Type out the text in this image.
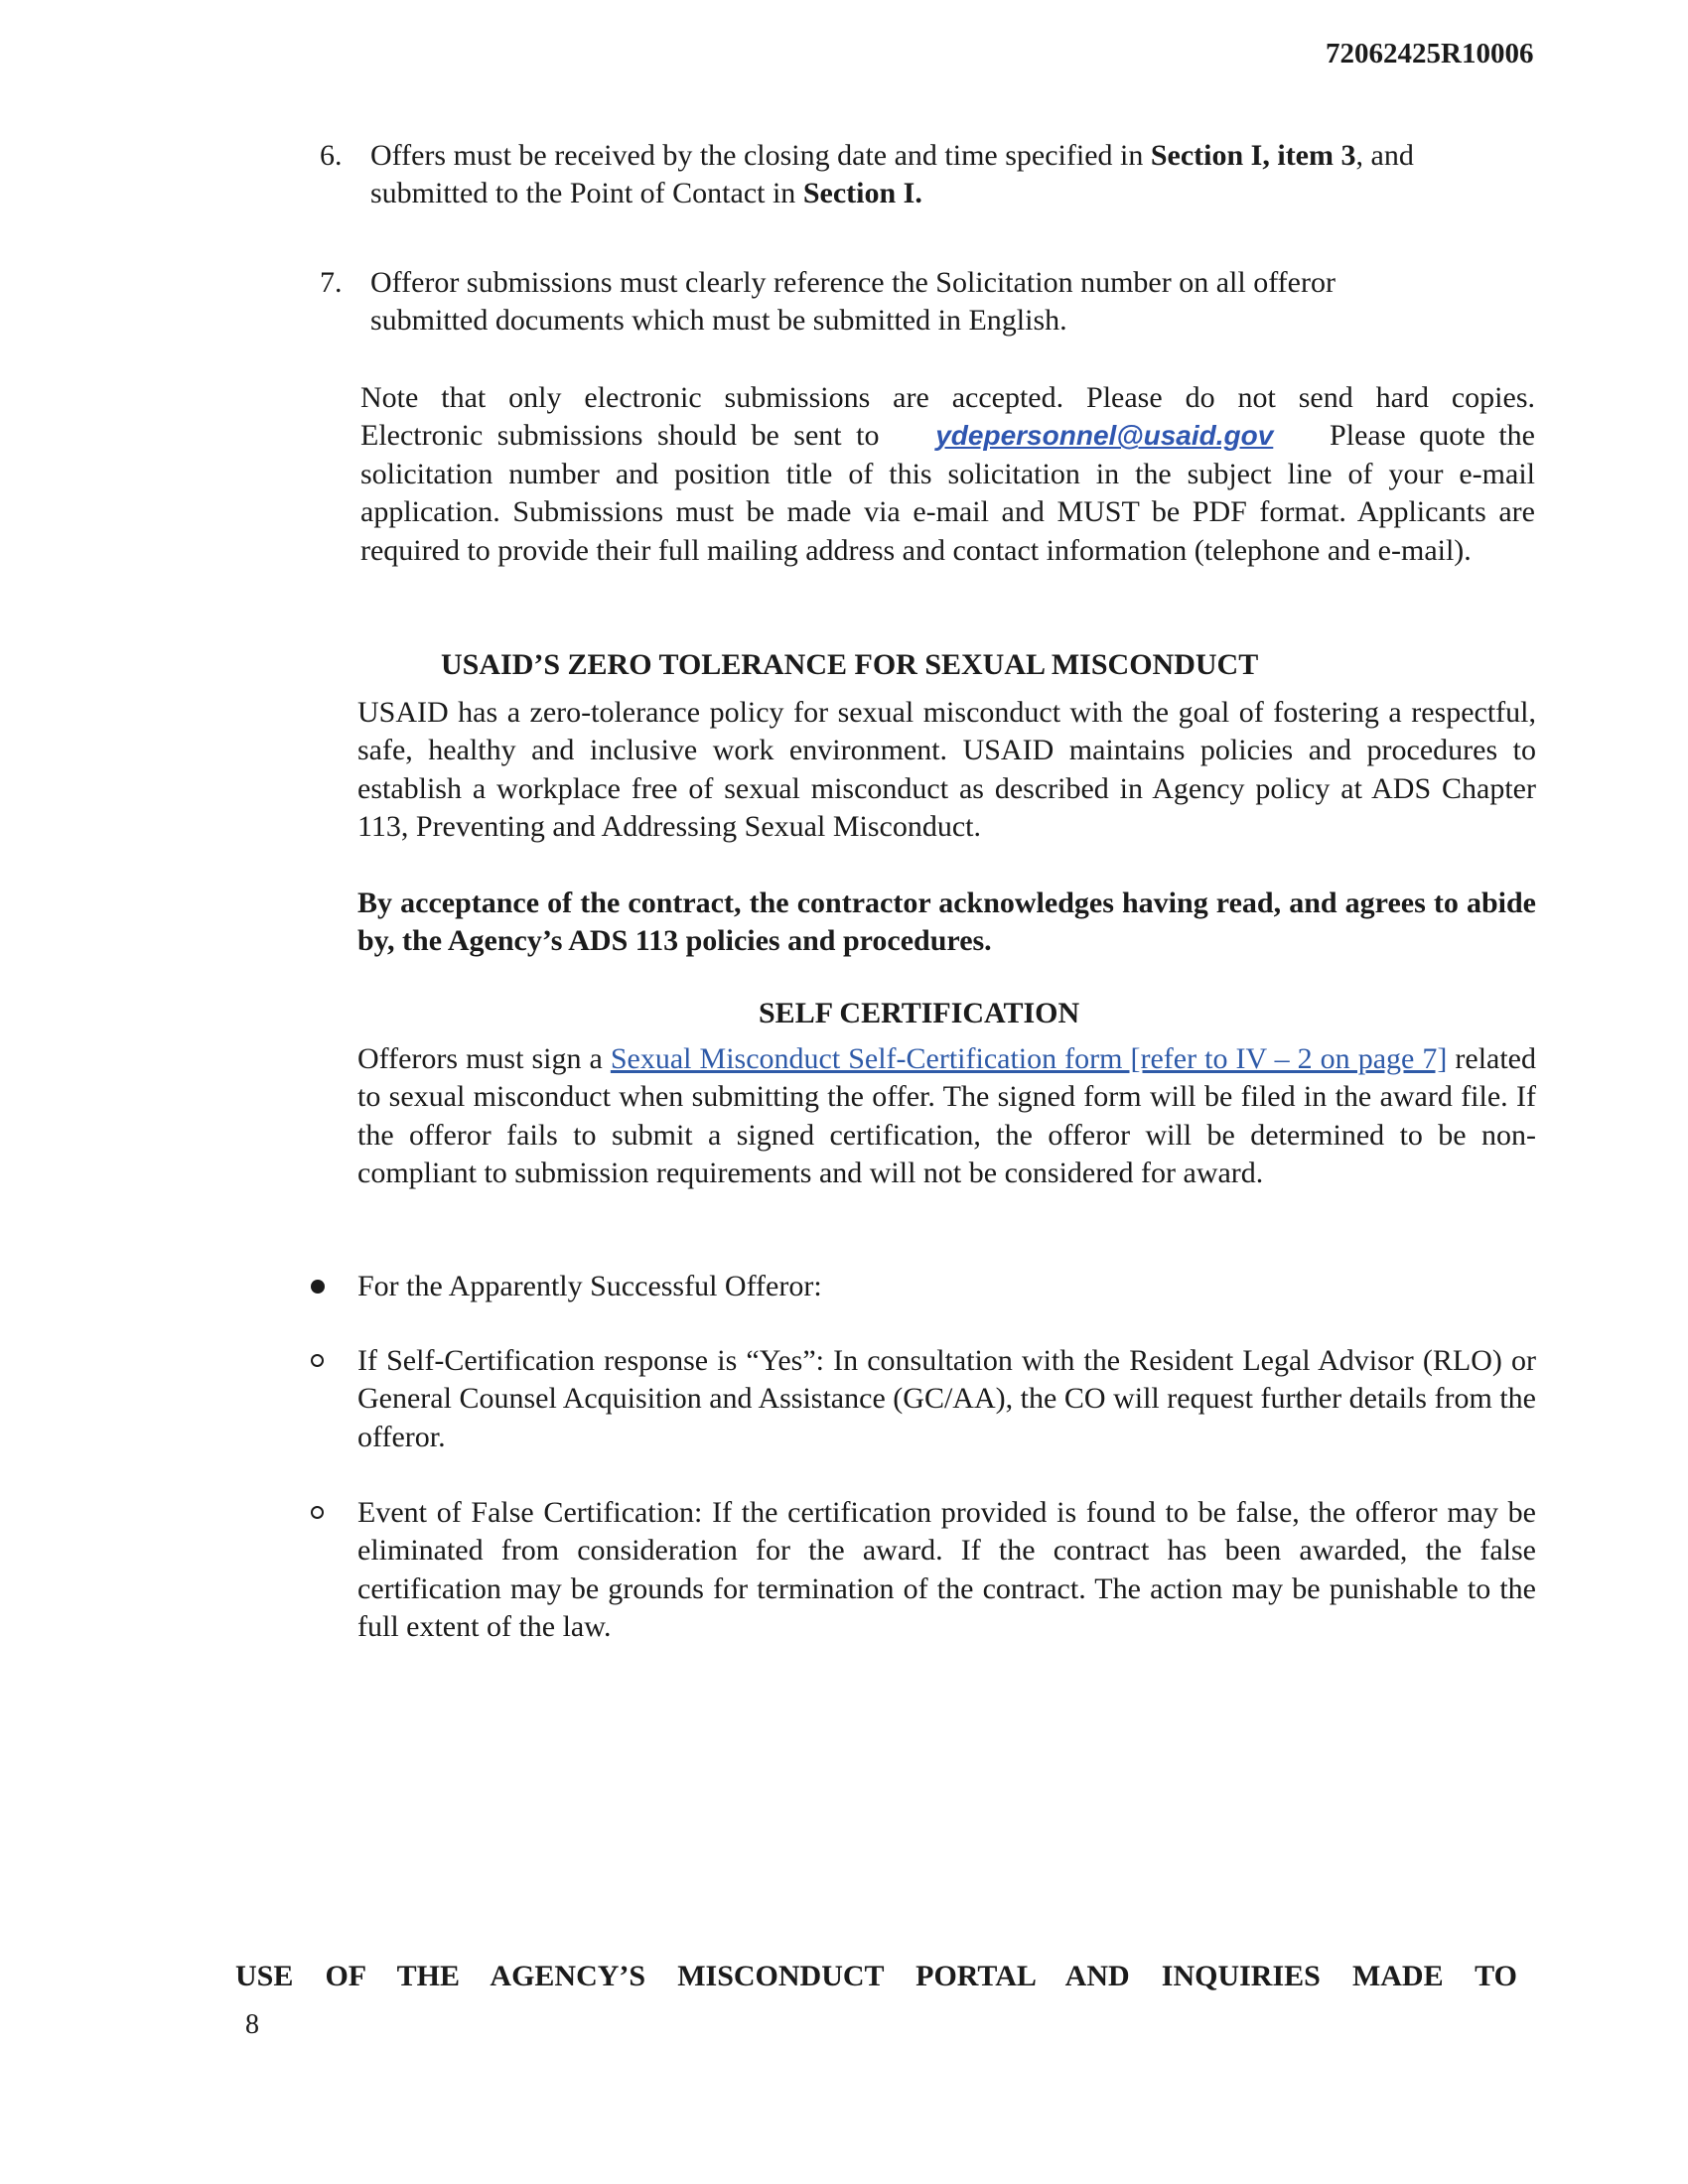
72062425R10006
6. Offers must be received by the closing date and time specified in Section I, item 3, and
submitted to the Point of Contact in Section I.
7. Offeror submissions must clearly reference the Solicitation number on all offeror
submitted documents which must be submitted in English.

Note that only electronic submissions are accepted. Please do not send hard copies.

Electronic submissions should be sent to ydepersonnel@usaid.gov Please quote the

solicitation number and position title of this solicitation in the subject line of your e-mail application. Submissions must be made via e-mail and MUST be PDF format. Applicants are required to provide their full mailing address and contact information (telephone and e-mail).

USAID’S ZERO TOLERANCE FOR SEXUAL MISCONDUCT

USAID has a zero-tolerance policy for sexual misconduct with the goal of fostering a respectful, safe, healthy and inclusive work environment. USAID maintains policies and procedures to establish a workplace free of sexual misconduct as described in Agency policy at ADS Chapter 113, Preventing and Addressing Sexual Misconduct.

By acceptance of the contract, the contractor acknowledges having read, and agrees to abide by, the Agency’s ADS 113 policies and procedures.

SELF CERTIFICATION

Offerors must sign a Sexual Misconduct Self-Certification form [refer to IV – 2 on page 7] related to sexual misconduct when submitting the offer. The signed form will be filed in the award file. If the offeror fails to submit a signed certification, the offeror will be determined to be non-compliant to submission requirements and will not be considered for award.

For the Apparently Successful Offeror:

If Self-Certification response is “Yes”: In consultation with the Resident Legal Advisor (RLO) or General Counsel Acquisition and Assistance (GC/AA), the CO will request further details from the offeror.

Event of False Certification: If the certification provided is found to be false, the offeror may be eliminated from consideration for the award. If the contract has been awarded, the false certification may be grounds for termination of the contract. The action may be punishable to the full extent of the law.

USE OF THE AGENCY’S MISCONDUCT PORTAL AND INQUIRIES MADE TO
8
